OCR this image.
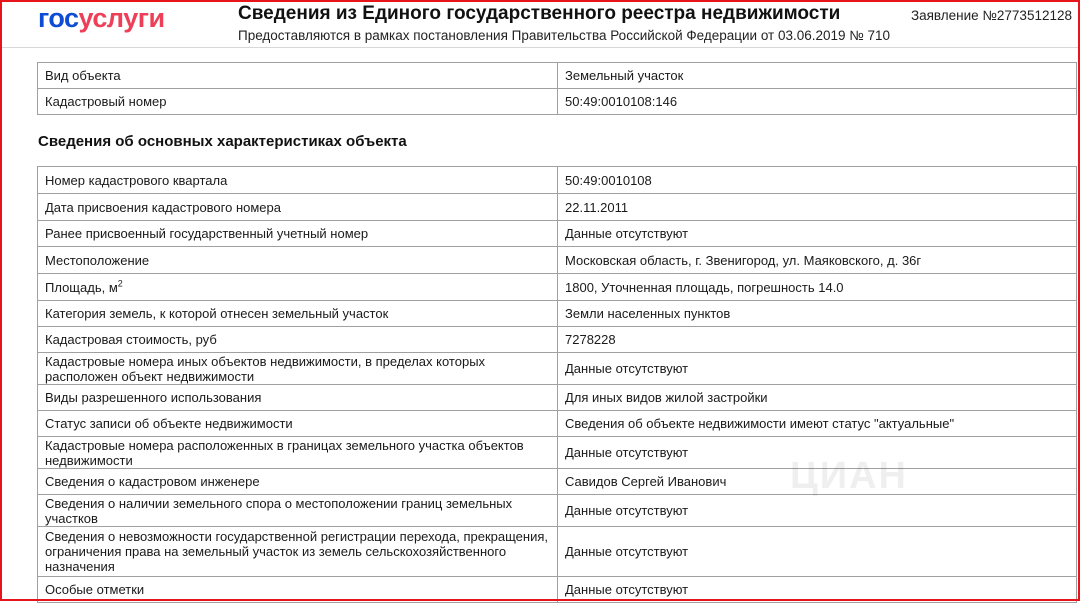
госуслуги	Сведения из Единого государственного реестра недвижимости
Предоставляются в рамках постановления Правительства Российской Федерации от 03.06.2019 № 710
Заявление №2773512128
Вид объекта	Земельный участок
Кадастровый номер	50:49:0010108:146
Сведения об основных характеристиках объекта
Номер кадастрового квартала	50:49:0010108
Дата присвоения кадастрового номера	22.11.2011
Ранее присвоенный государственный учетный номер	Данные отсутствуют
Местоположение	Московская область, г. Звенигород, ул. Маяковского, д. 36г
Площадь, $м^2$	1800, Уточненная площадь, погрешность 14.0
Категория земель, к которой отнесен земельный участок	Земли населенных пунктов
Кадастровая стоимость, руб	7278228
Кадастровые номера иных объектов недвижимости, в пределах которых расположен объект недвижимости	Данные отсутствуют
Виды разрешенного использования	Для иных видов жилой застройки
Статус записи об объекте недвижимости	Сведения об объекте недвижимости имеют статус "актуальные"
Кадастровые номера расположенных в границах земельного участка объектов недвижимости	Данные отсутствуют
Сведения о кадастровом инженере	Савидов Сергей Иванович
Сведения о наличии земельного спора о местоположении границ земельных участков	Данные отсутствуют
Сведения о невозможности государственной регистрации перехода, прекращения, ограничения права на земельный участок из земель сельскохозяйственного назначения	Данные отсутствуют
Особые отметки	Данные отсутствуют
ЦИАН
